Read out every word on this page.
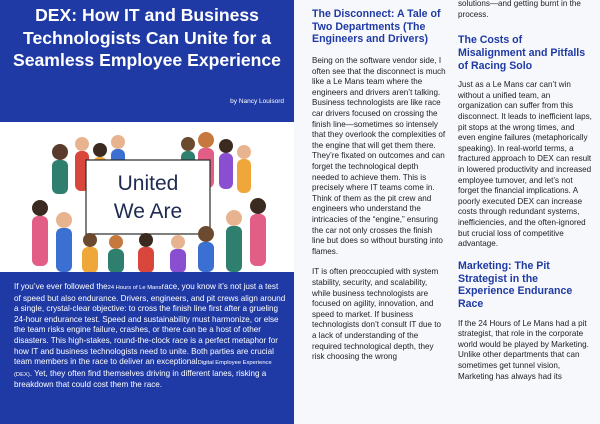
DEX: How IT and Business Technologists Can Unite for a Seamless Employee Experience
by Nancy Louisord
United
We Are

If you’ve ever followed the24 Hours of Le Mansrace, you know it’s not just a test of speed but also endurance. Drivers, engineers, and pit crews align around a single, crystal-clear objective: to cross the finish line first after a grueling 24-hour endurance test. Speed and sustainability must harmonize, or else the team risks engine failure, crashes, or there can be a host of other disasters. This high-stakes, round-the-clock race is a perfect metaphor for how IT and business technologists need to unite. Both parties are crucial team members in the race to deliver an exceptionalDigital Employee Experience (DEX). Yet, they often find themselves driving in different lanes, risking a breakdown that could cost them the race.

The Disconnect: A Tale of Two Departments (The Engineers and Drivers)

Being on the software vendor side, I often see that the disconnect is much like a Le Mans team where the engineers and drivers aren’t talking. Business technologists are like race car drivers focused on crossing the finish line—sometimes so intensely that they overlook the complexities of the engine that will get them there. They’re fixated on outcomes and can forget the technological depth needed to achieve them. This is precisely where IT teams come in. Think of them as the pit crew and engineers who understand the intricacies of the “engine,” ensuring the car not only crosses the finish line but does so without bursting into flames.

IT is often preoccupied with system stability, security, and scalability, while business technologists are focused on agility, innovation, and speed to market. If business technologists don’t consult IT due to a lack of understanding of the required technological depth, they risk choosing the wrong

solutions—and getting burnt in the process.

The Costs of Misalignment and Pitfalls of Racing Solo

Just as a Le Mans car can’t win without a unified team, an organization can suffer from this disconnect. It leads to inefficient laps, pit stops at the wrong times, and even engine failures (metaphorically speaking). In real-world terms, a fractured approach to DEX can result in lowered productivity and increased employee turnover, and let’s not forget the financial implications. A poorly executed DEX can increase costs through redundant systems, inefficiencies, and the often-ignored but crucial loss of competitive advantage.

Marketing: The Pit Strategist in the Experience Endurance Race

If the 24 Hours of Le Mans had a pit strategist, that role in the corporate world would be played by Marketing. Unlike other departments that can sometimes get tunnel vision, Marketing has always had its
